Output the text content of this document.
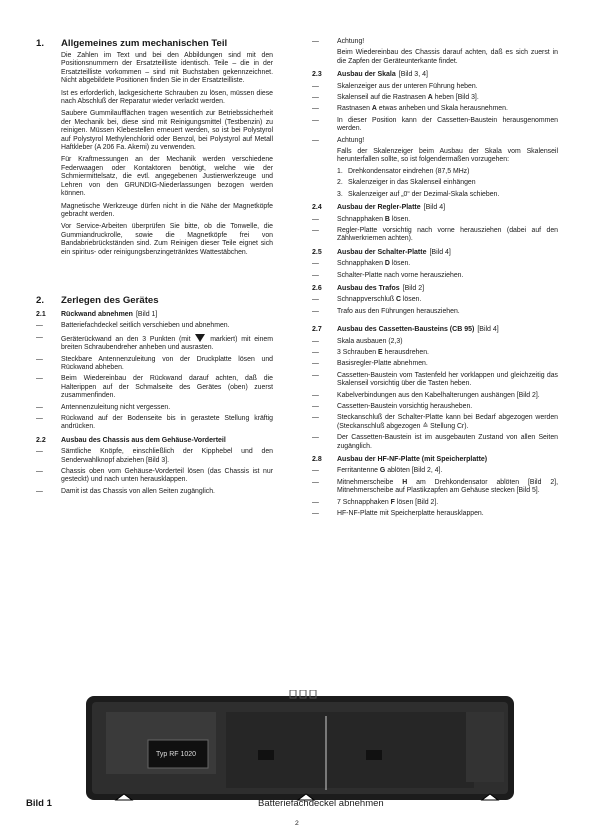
1.	Allgemeines zum mechanischen Teil

Die Zahlen im Text und bei den Abbildungen sind mit den Positionsnummern der Ersatzteilliste identisch. Teile – die in der Ersatzteilliste vorkommen – sind mit Buchstaben gekennzeichnet. Nicht abgebildete Positionen finden Sie in der Ersatzteilliste.

Ist es erforderlich, lackgesicherte Schrauben zu lösen, müssen diese nach Abschluß der Reparatur wieder verlackt werden.

Saubere Gummilaufflächen tragen wesentlich zur Betriebssicherheit der Mechanik bei, diese sind mit Reinigungsmittel (Testbenzin) zu reinigen. Müssen Klebestellen erneuert werden, so ist bei Polystyrol auf Polystyrol Methylenchlorid oder Benzol, bei Polystyrol auf Metall Haftkleber (A 206 Fa. Akemi) zu verwenden.

Für Kraftmessungen an der Mechanik werden verschiedene Federwaagen oder Kontaktoren benötigt, welche wie der Schmiermittelsatz, die evtl. angegebenen Justierwerkzeuge und Lehren von den GRUNDIG-Niederlassungen bezogen werden können.

Magnetische Werkzeuge dürfen nicht in die Nähe der Magnetköpfe gebracht werden.

Vor Service-Arbeiten überprüfen Sie bitte, ob die Tonwelle, die Gummiandruckrolle, sowie die Magnetköpfe frei von Bandabriebrückständen sind. Zum Reinigen dieser Teile eignet sich ein spiritus- oder reinigungsbenzingetränktes Wattestäbchen.

2.	Zerlegen des Gerätes
2.1	Rückwand abnehmen [Bild 1]
—	Batteriefachdeckel seitlich verschieben und abnehmen.
—	Geräterückwand an den 3 Punkten (mit	markiert) mit einem breiten Schraubendreher anheben und ausrasten.
—	Steckbare Antennenzuleitung von der Druckplatte lösen und Rückwand abheben.
—	Beim Wiedereinbau der Rückwand darauf achten, daß die Halterippen auf der Schmalseite des Gerätes (oben) zuerst zusammenfinden.
—	Antennenzuleitung nicht vergessen.
—	Rückwand auf der Bodenseite bis in gerastete Stellung kräftig andrücken.
2.2	Ausbau des Chassis aus dem Gehäuse-Vorderteil
—	Sämtliche Knöpfe, einschließlich der Kipphebel und den Senderwahlknopf abziehen [Bild 3].
—	Chassis oben vom Gehäuse-Vorderteil lösen (das Chassis ist nur gesteckt) und nach unten herausklappen.
—	Damit ist das Chassis von allen Seiten zugänglich.
—	Achtung!

Beim Wiedereinbau des Chassis darauf achten, daß es sich zuerst in die Zapfen der Geräteunterkante findet.

2.3	Ausbau der Skala [Bild 3, 4]
—	Skalenzeiger aus der unteren Führung heben.
—	Skalenseil auf die Rastnasen A heben [Bild 3].
—	Rastnasen A etwas anheben und Skala herausnehmen.
—	In dieser Position kann der Cassetten-Baustein herausgenommen werden.
—	Achtung!

Falls der Skalenzeiger beim Ausbau der Skala vom Skalenseil herunterfallen sollte, so ist folgendermaßen vorzugehen:

1. Drehkondensator eindrehen (87,5 MHz)
2. Skalenzeiger in das Skalenseil einhängen
3. Skalenzeiger auf „0“ der Dezimal-Skala schieben.
2.4	Ausbau der Regler-Platte [Bild 4]
—	Schnapphaken B lösen.
—	Regler-Platte vorsichtig nach vorne herausziehen (dabei auf den Zählwerkriemen achten).
2.5	Ausbau der Schalter-Platte [Bild 4]
—	Schnapphaken D lösen.
—	Schalter-Platte nach vorne herausziehen.
2.6	Ausbau des Trafos [Bild 2]
—	Schnappverschluß C lösen.
—	Trafo aus den Führungen herausziehen.
2.7	Ausbau des Cassetten-Bausteins (CB 95) [Bild 4]
—	Skala ausbauen (2,3)
—	3 Schrauben E herausdrehen.
—	Basisregler-Platte abnehmen.
—	Cassetten-Baustein vom Tastenfeld her vorklappen und gleichzeitig das Skalenseil vorsichtig über die Tasten heben.
—	Kabelverbindungen aus den Kabelhalterungen aushängen [Bild 2].
—	Cassetten-Baustein vorsichtig herausheben.
—	Steckanschluß der Schalter-Platte kann bei Bedarf abgezogen werden (Steckanschluß abgezogen ≙ Stellung Cr).
—	Der Cassetten-Baustein ist im ausgebauten Zustand von allen Seiten zugänglich.
2.8	Ausbau der HF-NF-Platte (mit Speicherplatte)
—	Ferritantenne G ablöten [Bild 2, 4].
—	Mitnehmerscheibe H am Drehkondensator ablöten [Bild 2], Mitnehmerscheibe auf Plastikzapfen am Gehäuse stecken [Bild 5].
—	7 Schnapphaken F lösen [Bild 2].
—	HF-NF-Platte mit Speicherplatte herausklappen.
Typ RF 1020
Bild 1	Batteriefachdeckel abnehmen
2
